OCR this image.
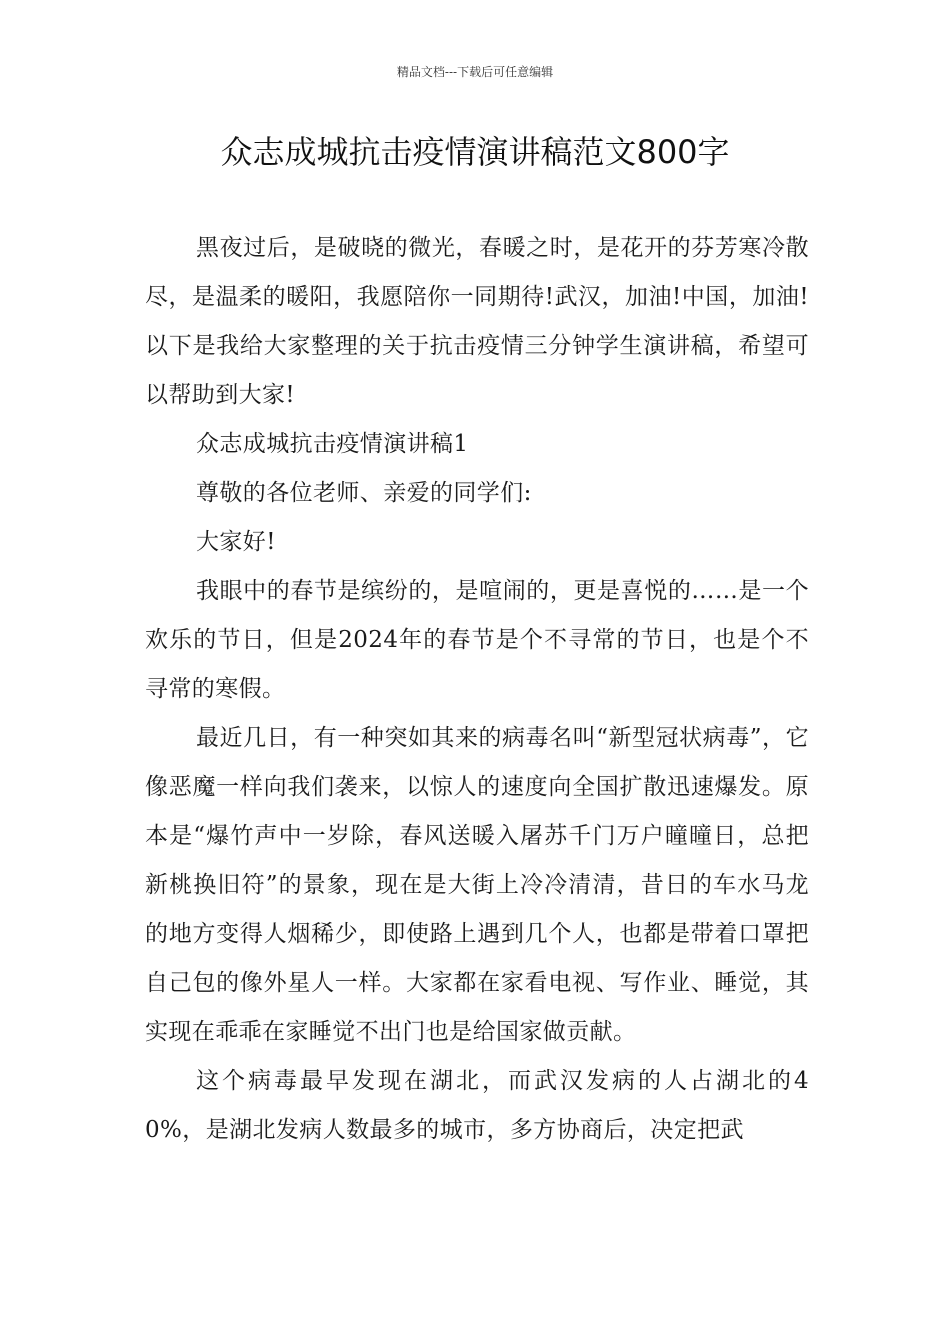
精品文档---下载后可任意编辑
众志成城抗击疫情演讲稿范文800字

黑夜过后，是破晓的微光，春暖之时，是花开的芬芳寒冷散尽，是温柔的暖阳，我愿陪你一同期待!武汉，加油!中国，加油!以下是我给大家整理的关于抗击疫情三分钟学生演讲稿，希望可以帮助到大家!

众志成城抗击疫情演讲稿1

尊敬的各位老师、亲爱的同学们:

大家好!

我眼中的春节是缤纷的，是喧闹的，更是喜悦的……是一个欢乐的节日，但是2024年的春节是个不寻常的节日，也是个不寻常的寒假。

最近几日，有一种突如其来的病毒名叫“新型冠状病毒”，它像恶魔一样向我们袭来，以惊人的速度向全国扩散迅速爆发。原本是“爆竹声中一岁除，春风送暖入屠苏千门万户曈曈日，总把新桃换旧符”的景象，现在是大街上冷冷清清，昔日的车水马龙的地方变得人烟稀少，即使路上遇到几个人，也都是带着口罩把自己包的像外星人一样。大家都在家看电视、写作业、睡觉，其实现在乖乖在家睡觉不出门也是给国家做贡献。

这个病毒最早发现在湖北，而武汉发病的人占湖北的40%，是湖北发病人数最多的城市，多方协商后，决定把武
